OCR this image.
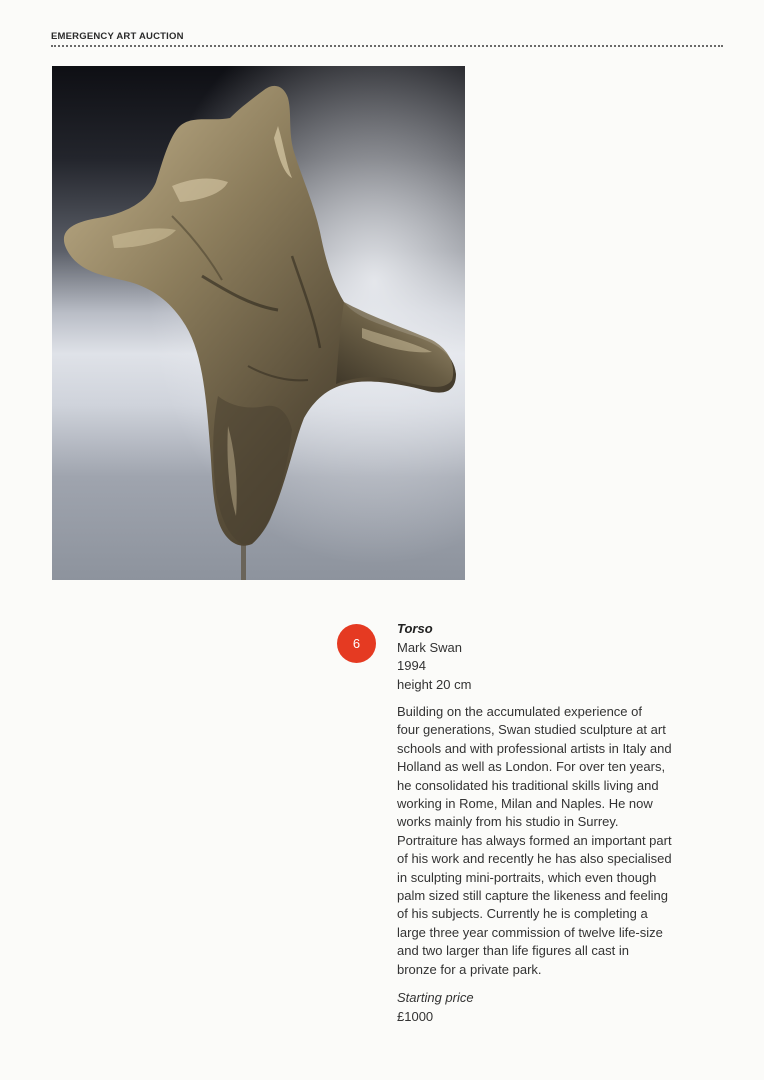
EMERGENCY ART AUCTION
6
Torso
Mark Swan
1994
height 20 cm
Building on the accumulated experience of
four generations, Swan studied sculpture at art
schools and with professional artists in Italy and
Holland as well as London. For over ten years,
he consolidated his traditional skills living and
working in Rome, Milan and Naples. He now
works mainly from his studio in Surrey.
Portraiture has always formed an important part
of his work and recently he has also specialised
in sculpting mini-portraits, which even though
palm sized still capture the likeness and feeling
of his subjects. Currently he is completing a
large three year commission of twelve life-size
and two larger than life figures all cast in
bronze for a private park.
Starting price
£1000
